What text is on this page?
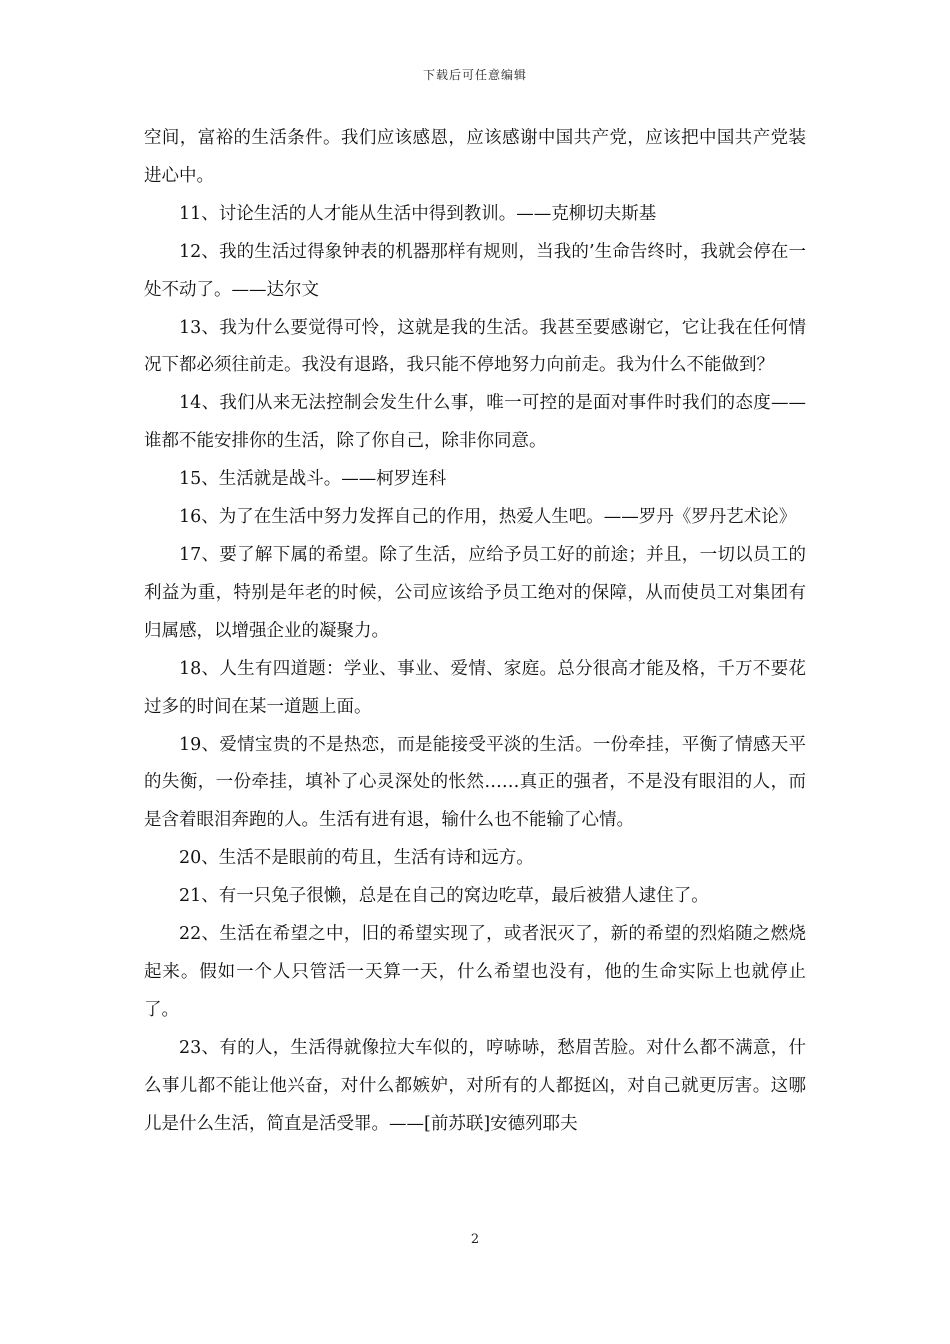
下载后可任意编辑

空间，富裕的生活条件。我们应该感恩，应该感谢中国共产党，应该把中国共产党装进心中。

11、讨论生活的人才能从生活中得到教训。——克柳切夫斯基

12、我的生活过得象钟表的机器那样有规则，当我的’生命告终时，我就会停在一处不动了。——达尔文

13、我为什么要觉得可怜，这就是我的生活。我甚至要感谢它，它让我在任何情况下都必须往前走。我没有退路，我只能不停地努力向前走。我为什么不能做到？

14、我们从来无法控制会发生什么事，唯一可控的是面对事件时我们的态度——谁都不能安排你的生活，除了你自己，除非你同意。

15、生活就是战斗。——柯罗连科

16、为了在生活中努力发挥自己的作用，热爱人生吧。——罗丹《罗丹艺术论》

17、要了解下属的希望。除了生活，应给予员工好的前途；并且，一切以员工的利益为重，特别是年老的时候，公司应该给予员工绝对的保障，从而使员工对集团有归属感，以增强企业的凝聚力。

18、人生有四道题：学业、事业、爱情、家庭。总分很高才能及格，千万不要花过多的时间在某一道题上面。

19、爱情宝贵的不是热恋，而是能接受平淡的生活。一份牵挂，平衡了情感天平的失衡，一份牵挂，填补了心灵深处的怅然……真正的强者，不是没有眼泪的人，而是含着眼泪奔跑的人。生活有进有退，输什么也不能输了心情。

20、生活不是眼前的苟且，生活有诗和远方。

21、有一只兔子很懒，总是在自己的窝边吃草，最后被猎人逮住了。

22、生活在希望之中，旧的希望实现了，或者泯灭了，新的希望的烈焰随之燃烧起来。假如一个人只管活一天算一天，什么希望也没有，他的生命实际上也就停止了。

23、有的人，生活得就像拉大车似的，哼哧哧，愁眉苦脸。对什么都不满意，什么事儿都不能让他兴奋，对什么都嫉妒，对所有的人都挺凶，对自己就更厉害。这哪儿是什么生活，简直是活受罪。——[前苏联]安德列耶夫

2
